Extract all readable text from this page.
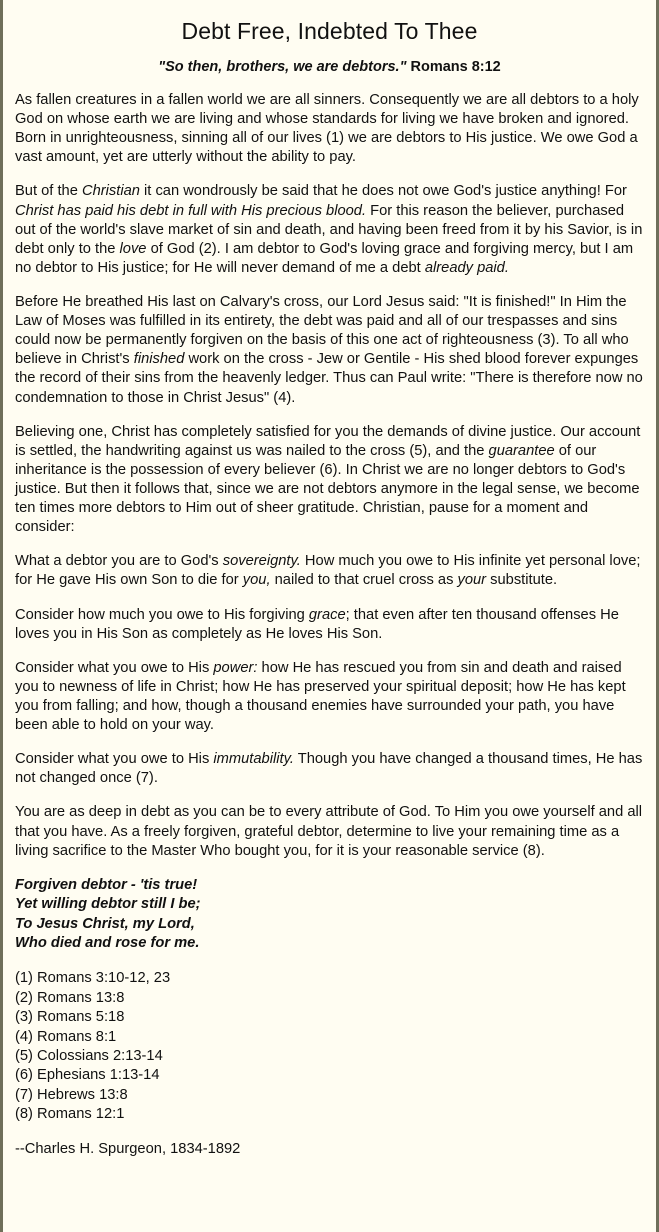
Debt Free, Indebted To Thee
"So then, brothers, we are debtors." Romans 8:12

As fallen creatures in a fallen world we are all sinners. Consequently we are all debtors to a holy God on whose earth we are living and whose standards for living we have broken and ignored. Born in unrighteousness, sinning all of our lives (1) we are debtors to His justice. We owe God a vast amount, yet are utterly without the ability to pay.

But of the Christian it can wondrously be said that he does not owe God's justice anything! For Christ has paid his debt in full with His precious blood. For this reason the believer, purchased out of the world's slave market of sin and death, and having been freed from it by his Savior, is in debt only to the love of God (2). I am debtor to God's loving grace and forgiving mercy, but I am no debtor to His justice; for He will never demand of me a debt already paid.

Before He breathed His last on Calvary's cross, our Lord Jesus said: "It is finished!" In Him the Law of Moses was fulfilled in its entirety, the debt was paid and all of our trespasses and sins could now be permanently forgiven on the basis of this one act of righteousness (3). To all who believe in Christ's finished work on the cross - Jew or Gentile - His shed blood forever expunges the record of their sins from the heavenly ledger. Thus can Paul write: "There is therefore now no condemnation to those in Christ Jesus" (4).

Believing one, Christ has completely satisfied for you the demands of divine justice. Our account is settled, the handwriting against us was nailed to the cross (5), and the guarantee of our inheritance is the possession of every believer (6). In Christ we are no longer debtors to God's justice. But then it follows that, since we are not debtors anymore in the legal sense, we become ten times more debtors to Him out of sheer gratitude. Christian, pause for a moment and consider:

What a debtor you are to God's sovereignty. How much you owe to His infinite yet personal love; for He gave His own Son to die for you, nailed to that cruel cross as your substitute.

Consider how much you owe to His forgiving grace; that even after ten thousand offenses He loves you in His Son as completely as He loves His Son.

Consider what you owe to His power: how He has rescued you from sin and death and raised you to newness of life in Christ; how He has preserved your spiritual deposit; how He has kept you from falling; and how, though a thousand enemies have surrounded your path, you have been able to hold on your way.

Consider what you owe to His immutability. Though you have changed a thousand times, He has not changed once (7).

You are as deep in debt as you can be to every attribute of God. To Him you owe yourself and all that you have. As a freely forgiven, grateful debtor, determine to live your remaining time as a living sacrifice to the Master Who bought you, for it is your reasonable service (8).

Forgiven debtor - 'tis true!
Yet willing debtor still I be;
To Jesus Christ, my Lord,
Who died and rose for me.
(1) Romans 3:10-12, 23
(2) Romans 13:8
(3) Romans 5:18
(4) Romans 8:1
(5) Colossians 2:13-14
(6) Ephesians 1:13-14
(7) Hebrews 13:8
(8) Romans 12:1
--Charles H. Spurgeon, 1834-1892
